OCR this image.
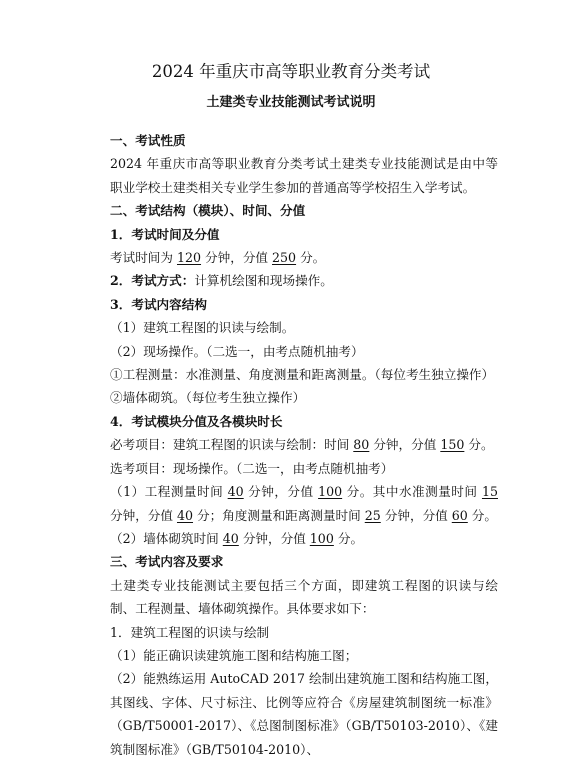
2024 年重庆市高等职业教育分类考试
土建类专业技能测试考试说明

一、考试性质

2024 年重庆市高等职业教育分类考试土建类专业技能测试是由中等职业学校土建类相关专业学生参加的普通高等学校招生入学考试。

二、考试结构（模块）、时间、分值

1．考试时间及分值

考试时间为 120 分钟，分值 250 分。

2．考试方式：计算机绘图和现场操作。

3．考试内容结构

（1）建筑工程图的识读与绘制。

（2）现场操作。（二选一，由考点随机抽考）

①工程测量：水准测量、角度测量和距离测量。（每位考生独立操作）

②墙体砌筑。（每位考生独立操作）

4．考试模块分值及各模块时长

必考项目：建筑工程图的识读与绘制：时间 80 分钟，分值 150 分。

选考项目：现场操作。（二选一，由考点随机抽考）

（1）工程测量时间 40 分钟，分值 100 分。其中水准测量时间 15 分钟，分值 40 分；角度测量和距离测量时间 25 分钟，分值 60 分。

（2）墙体砌筑时间 40 分钟，分值 100 分。

三、考试内容及要求

土建类专业技能测试主要包括三个方面，即建筑工程图的识读与绘制、工程测量、墙体砌筑操作。具体要求如下：

1．建筑工程图的识读与绘制

（1）能正确识读建筑施工图和结构施工图；

（2）能熟练运用 AutoCAD 2017 绘制出建筑施工图和结构施工图，其图线、字体、尺寸标注、比例等应符合《房屋建筑制图统一标准》（GB/T50001-2017）、《总图制图标准》（GB/T50103-2010）、《建筑制图标准》（GB/T50104-2010）、
